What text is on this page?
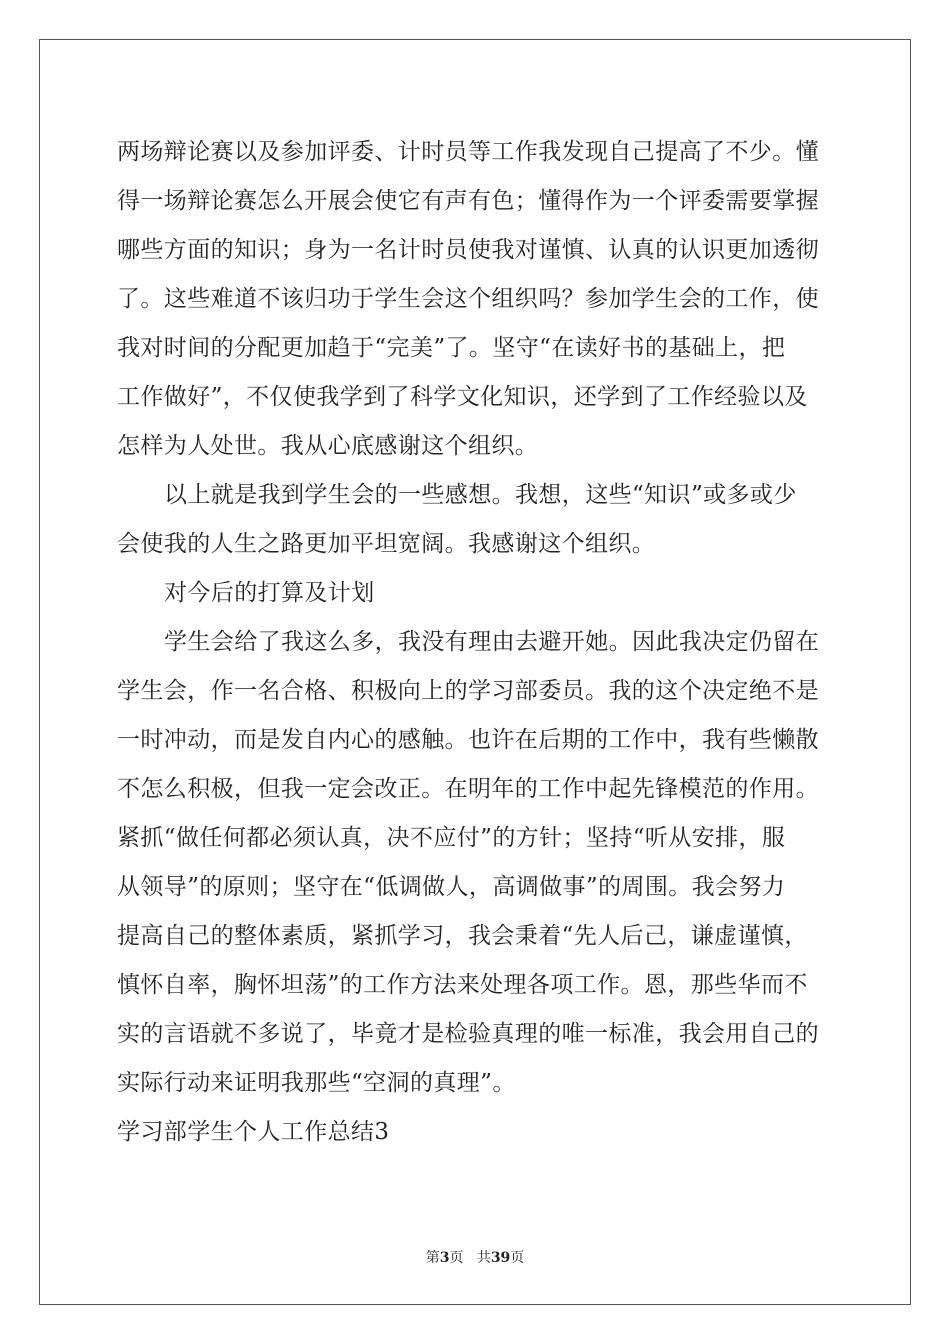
两场辩论赛以及参加评委、计时员等工作我发现自己提高了不少。懂
得一场辩论赛怎么开展会使它有声有色；懂得作为一个评委需要掌握
哪些方面的知识；身为一名计时员使我对谨慎、认真的认识更加透彻
了。这些难道不该归功于学生会这个组织吗？参加学生会的工作，使
我对时间的分配更加趋于“完美”了。坚守“在读好书的基础上，把
工作做好”，不仅使我学到了科学文化知识，还学到了工作经验以及
怎样为人处世。我从心底感谢这个组织。
以上就是我到学生会的一些感想。我想，这些“知识”或多或少
会使我的人生之路更加平坦宽阔。我感谢这个组织。
对今后的打算及计划
学生会给了我这么多，我没有理由去避开她。因此我决定仍留在
学生会，作一名合格、积极向上的学习部委员。我的这个决定绝不是
一时冲动，而是发自内心的感触。也许在后期的工作中，我有些懒散
不怎么积极，但我一定会改正。在明年的工作中起先锋模范的作用。
紧抓“做任何都必须认真，决不应付”的方针；坚持“听从安排，服
从领导”的原则；坚守在“低调做人，高调做事”的周围。我会努力
提高自己的整体素质，紧抓学习，我会秉着“先人后己，谦虚谨慎，
慎怀自率，胸怀坦荡”的工作方法来处理各项工作。恩，那些华而不
实的言语就不多说了，毕竟才是检验真理的唯一标准，我会用自己的
实际行动来证明我那些“空洞的真理”。
学习部学生个人工作总结3
第3页 共39页
